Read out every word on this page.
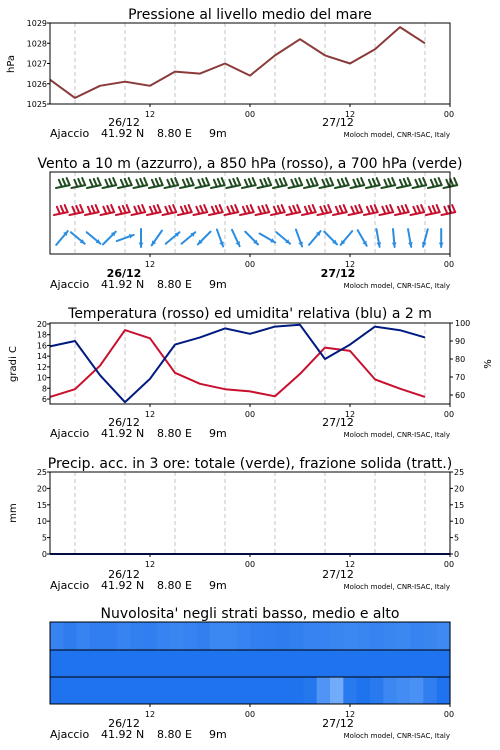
Pressione al livello medio del mare
hPa
1025
1026
1027
1028
1029
12	00	12	00
26/12	27/12
Ajaccio 41.92 N 8.80 E 9m	Moloch model, CNR-ISAC, Italy
Vento a 10 m (azzurro), a 850 hPa (rosso), a 700 hPa (verde)
12	00	12	00
26/12	27/12
Ajaccio 41.92 N 8.80 E 9m	Moloch model, CNR-ISAC, Italy
Temperatura (rosso) ed umidita' relativa (blu) a 2 m
gradi C	%
6
8
10
12
14
16
18
20
60
70
80
90
100
12	00	12	00
26/12	27/12
Ajaccio 41.92 N 8.80 E 9m	Moloch model, CNR-ISAC, Italy
Precip. acc. in 3 ore: totale (verde), frazione solida (tratt.)
mm
0
5
10
15
20
25
0
5
10
15
20
25
12	00	12	00
26/12	27/12
Ajaccio 41.92 N 8.80 E 9m	Moloch model, CNR-ISAC, Italy
Nuvolosita' negli strati basso, medio e alto
12	00	12	00
26/12	27/12
Ajaccio 41.92 N 8.80 E 9m	Moloch model, CNR-ISAC, Italy
